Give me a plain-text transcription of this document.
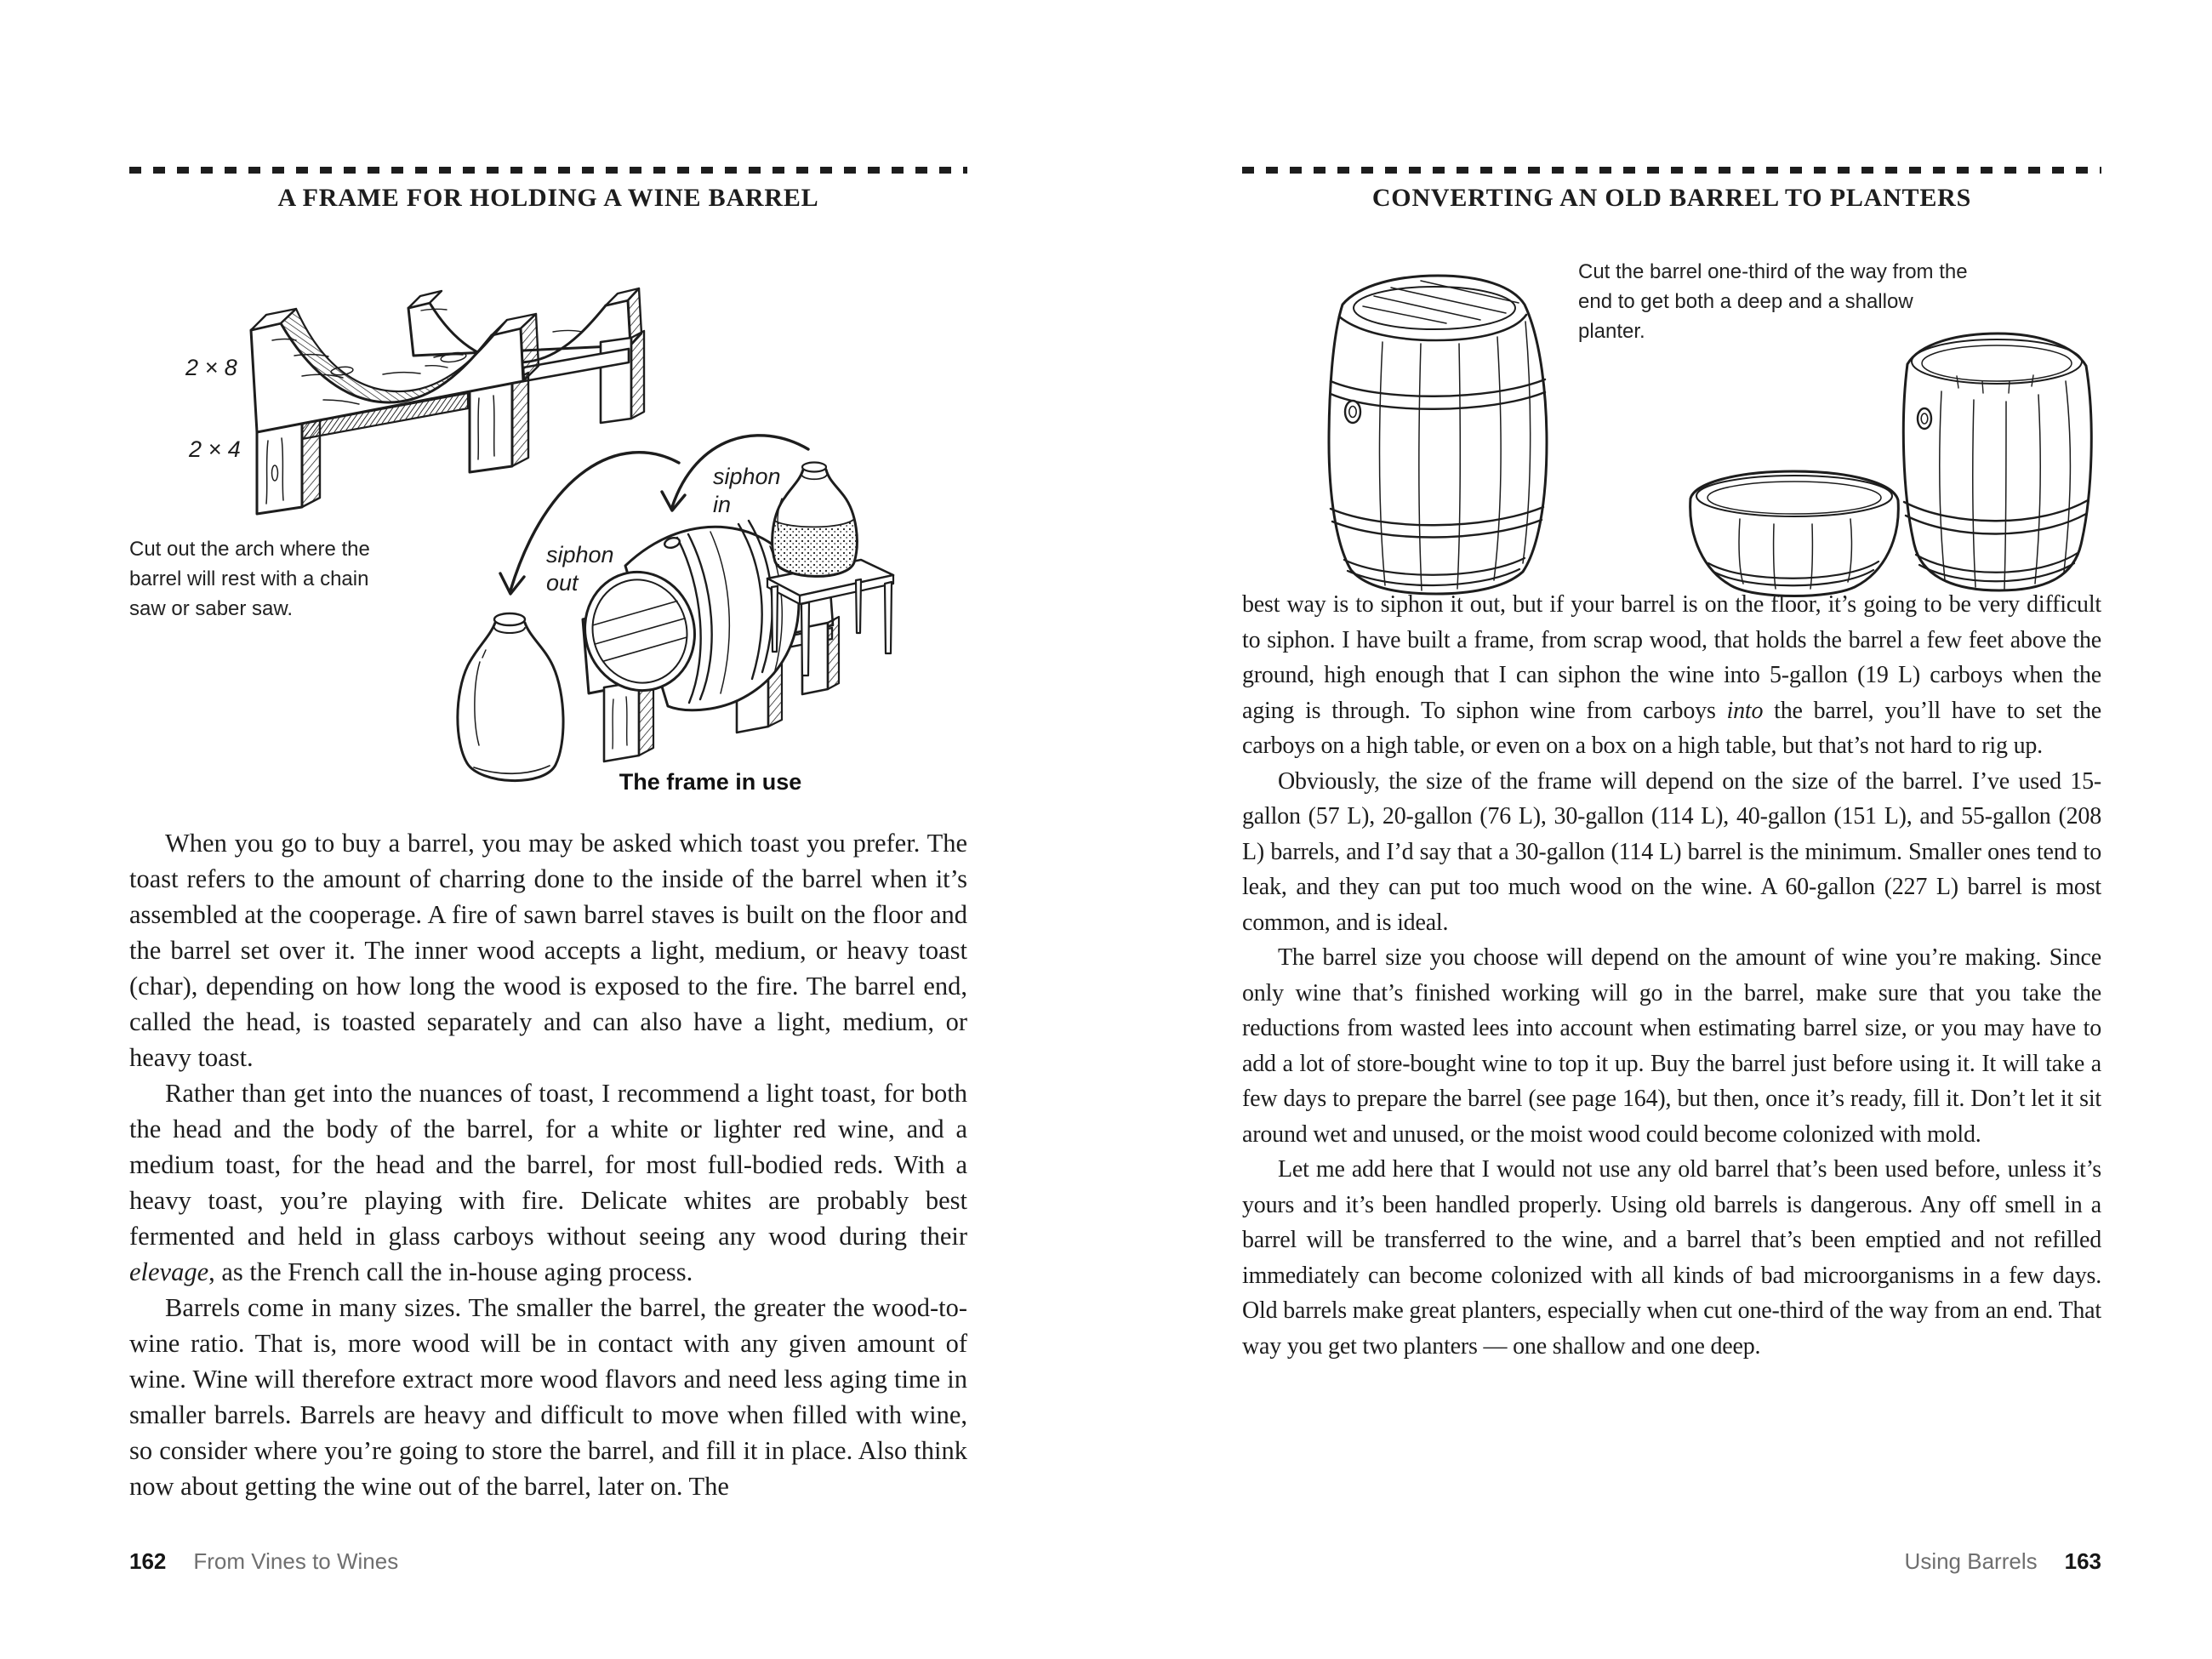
A FRAME FOR HOLDING A WINE BARREL
2 × 8
2 × 4
Cut out the arch where the barrel will rest with a chain saw or saber saw.
siphon
out
siphon
in
The frame in use

When you go to buy a barrel, you may be asked which toast you prefer. The toast refers to the amount of charring done to the inside of the barrel when it’s assembled at the cooperage. A fire of sawn barrel staves is built on the floor and the barrel set over it. The inner wood accepts a light, medium, or heavy toast (char), depending on how long the wood is exposed to the fire. The barrel end, called the head, is toasted separately and can also have a light, medium, or heavy toast.

Rather than get into the nuances of toast, I recommend a light toast, for both the head and the body of the barrel, for a white or lighter red wine, and a medium toast, for the head and the barrel, for most full-bodied reds. With a heavy toast, you’re playing with fire. Delicate whites are probably best fermented and held in glass carboys without seeing any wood during their elevage, as the French call the in-house aging process.

Barrels come in many sizes. The smaller the barrel, the greater the wood-to-wine ratio. That is, more wood will be in contact with any given amount of wine. Wine will therefore extract more wood flavors and need less aging time in smaller barrels. Barrels are heavy and difficult to move when filled with wine, so consider where you’re going to store the barrel, and fill it in place. Also think now about getting the wine out of the barrel, later on. The

162 From Vines to Wines
CONVERTING AN OLD BARREL TO PLANTERS
Cut the barrel one-third of the way from the end to get both a deep and a shallow planter.

best way is to siphon it out, but if your barrel is on the floor, it’s going to be very difficult to siphon. I have built a frame, from scrap wood, that holds the barrel a few feet above the ground, high enough that I can siphon the wine into 5-gallon (19 L) carboys when the aging is through. To siphon wine from carboys into the barrel, you’ll have to set the carboys on a high table, or even on a box on a high table, but that’s not hard to rig up.

Obviously, the size of the frame will depend on the size of the barrel. I’ve used 15-gallon (57 L), 20-gallon (76 L), 30-gallon (114 L), 40-gallon (151 L), and 55-gallon (208 L) barrels, and I’d say that a 30-gallon (114 L) barrel is the minimum. Smaller ones tend to leak, and they can put too much wood on the wine. A 60-gallon (227 L) barrel is most common, and is ideal.

The barrel size you choose will depend on the amount of wine you’re making. Since only wine that’s finished working will go in the barrel, make sure that you take the reductions from wasted lees into account when estimating barrel size, or you may have to add a lot of store-bought wine to top it up. Buy the barrel just before using it. It will take a few days to prepare the barrel (see page 164), but then, once it’s ready, fill it. Don’t let it sit around wet and unused, or the moist wood could become colonized with mold.

Let me add here that I would not use any old barrel that’s been used before, unless it’s yours and it’s been handled properly. Using old barrels is dangerous. Any off smell in a barrel will be transferred to the wine, and a barrel that’s been emptied and not refilled immediately can become colonized with all kinds of bad microorganisms in a few days. Old barrels make great planters, especially when cut one-third of the way from an end. That way you get two planters — one shallow and one deep.

Using Barrels 163
